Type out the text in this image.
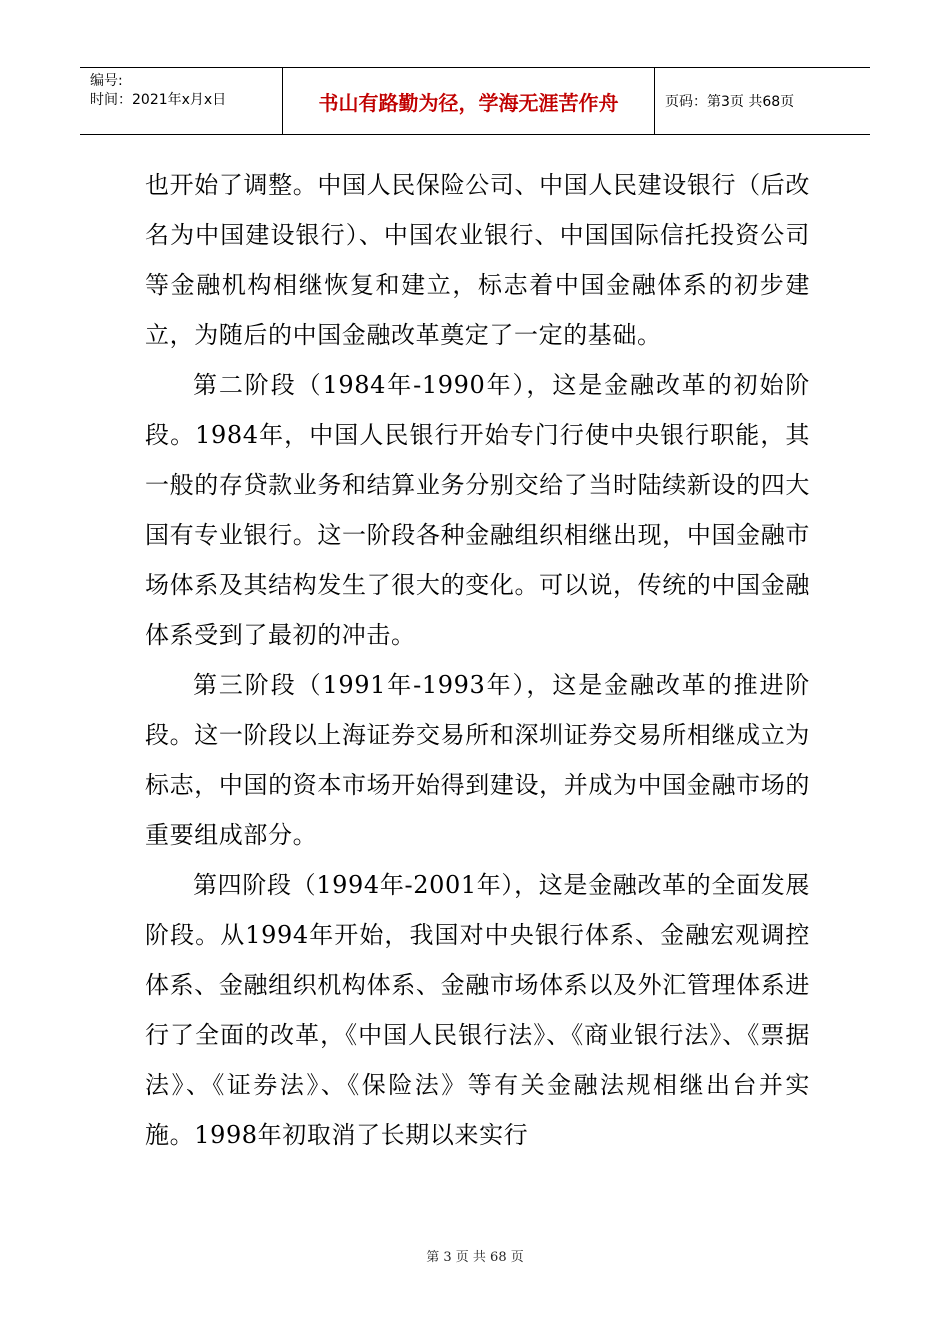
编号:
时间：2021年x月x日	书山有路勤为径，学海无涯苦作舟	页码：第3页 共68页

也开始了调整。中国人民保险公司、中国人民建设银行（后改名为中国建设银行）、中国农业银行、中国国际信托投资公司等金融机构相继恢复和建立，标志着中国金融体系的初步建立，为随后的中国金融改革奠定了一定的基础。

第二阶段（1984年-1990年），这是金融改革的初始阶段。1984年，中国人民银行开始专门行使中央银行职能，其一般的存贷款业务和结算业务分别交给了当时陆续新设的四大国有专业银行。这一阶段各种金融组织相继出现，中国金融市场体系及其结构发生了很大的变化。可以说，传统的中国金融体系受到了最初的冲击。

第三阶段（1991年-1993年），这是金融改革的推进阶段。这一阶段以上海证券交易所和深圳证券交易所相继成立为标志，中国的资本市场开始得到建设，并成为中国金融市场的重要组成部分。

第四阶段（1994年-2001年），这是金融改革的全面发展阶段。从1994年开始，我国对中央银行体系、金融宏观调控体系、金融组织机构体系、金融市场体系以及外汇管理体系进行了全面的改革，《中国人民银行法》、《商业银行法》、《票据法》、《证券法》、《保险法》等有关金融法规相继出台并实施。1998年初取消了长期以来实行

第 3 页 共 68 页
